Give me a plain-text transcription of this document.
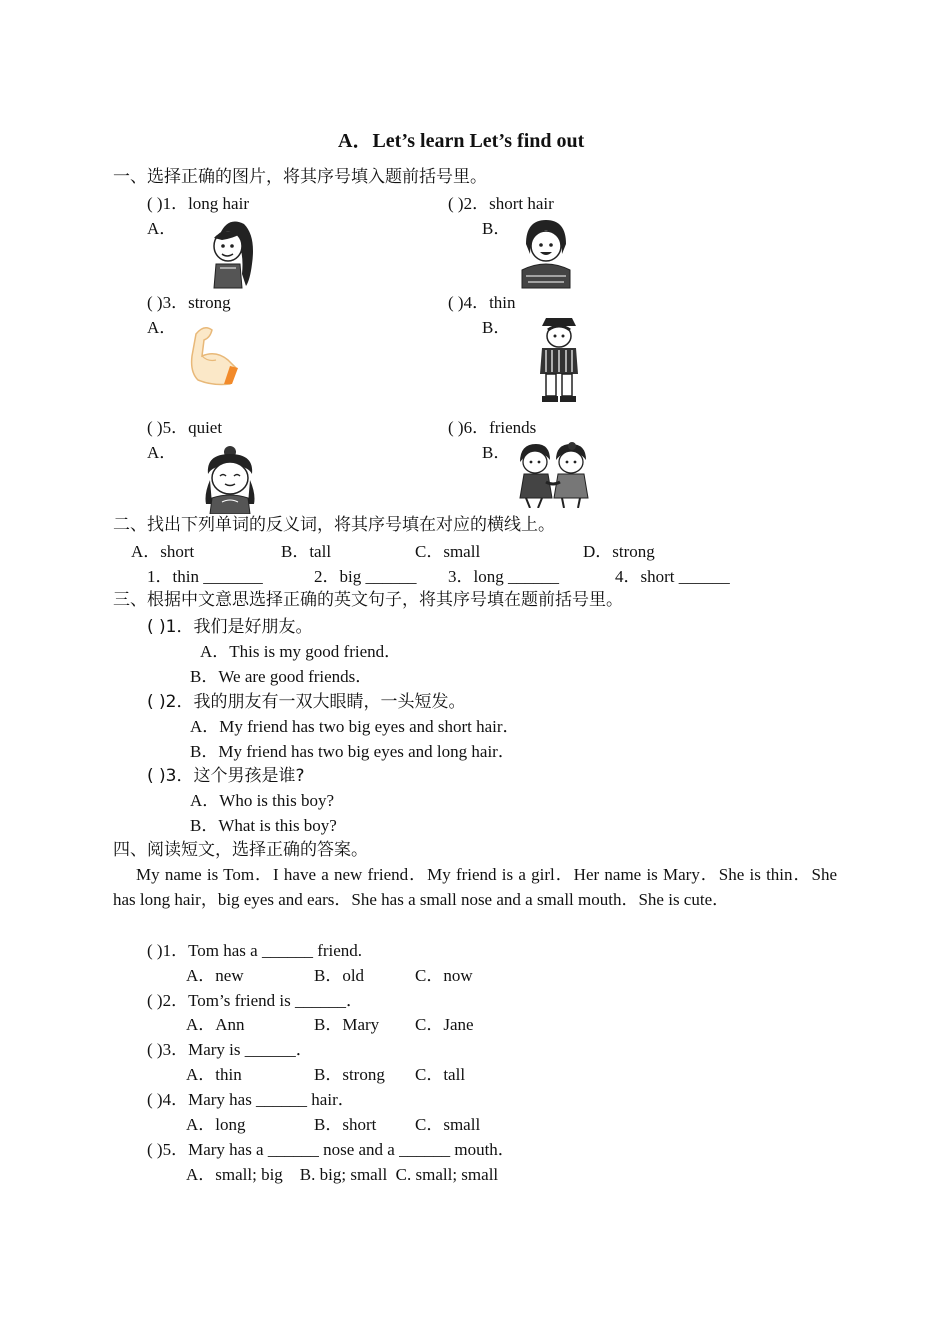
A．Let’s learn Let’s find out
一、选择正确的图片，将其序号填入题前括号里。
( )1．long hair
A．
( )2．short hair
B．
( )3．strong
A．
( )4．thin
B．
( )5．quiet
A．
( )6．friends
B．
二、找出下列单词的反义词，将其序号填在对应的横线上。
A．short	B．tall	C．small	D．strong
1．thin _______	2．big ______ 3．long ______	4．short ______
三、根据中文意思选择正确的英文句子，将其序号填在题前括号里。
( )1．我们是好朋友。
A．This is my good friend．
B．We are good friends．
( )2．我的朋友有一双大眼睛，一头短发。
A．My friend has two big eyes and short hair．
B．My friend has two big eyes and long hair．
( )3．这个男孩是谁?
A．Who is this boy?
B．What is this boy?
四、阅读短文，选择正确的答案。
My name is Tom．I have a new friend．My friend is a girl．Her name is Mary．She is thin．She has long hair，big eyes and ears．She has a small nose and a small mouth．She is cute．
( )1．Tom has a ______ friend.
A．new	B．old	C．now
( )2．Tom’s friend is ______．
A．Ann	B．Mary C．Jane
( )3．Mary is ______．
A．thin	B．strong C．tall
( )4．Mary has ______ hair．
A．long	B．short C．small
( )5．Mary has a ______ nose and a ______ mouth．
A．small; big    B. big; small  C. small; small
